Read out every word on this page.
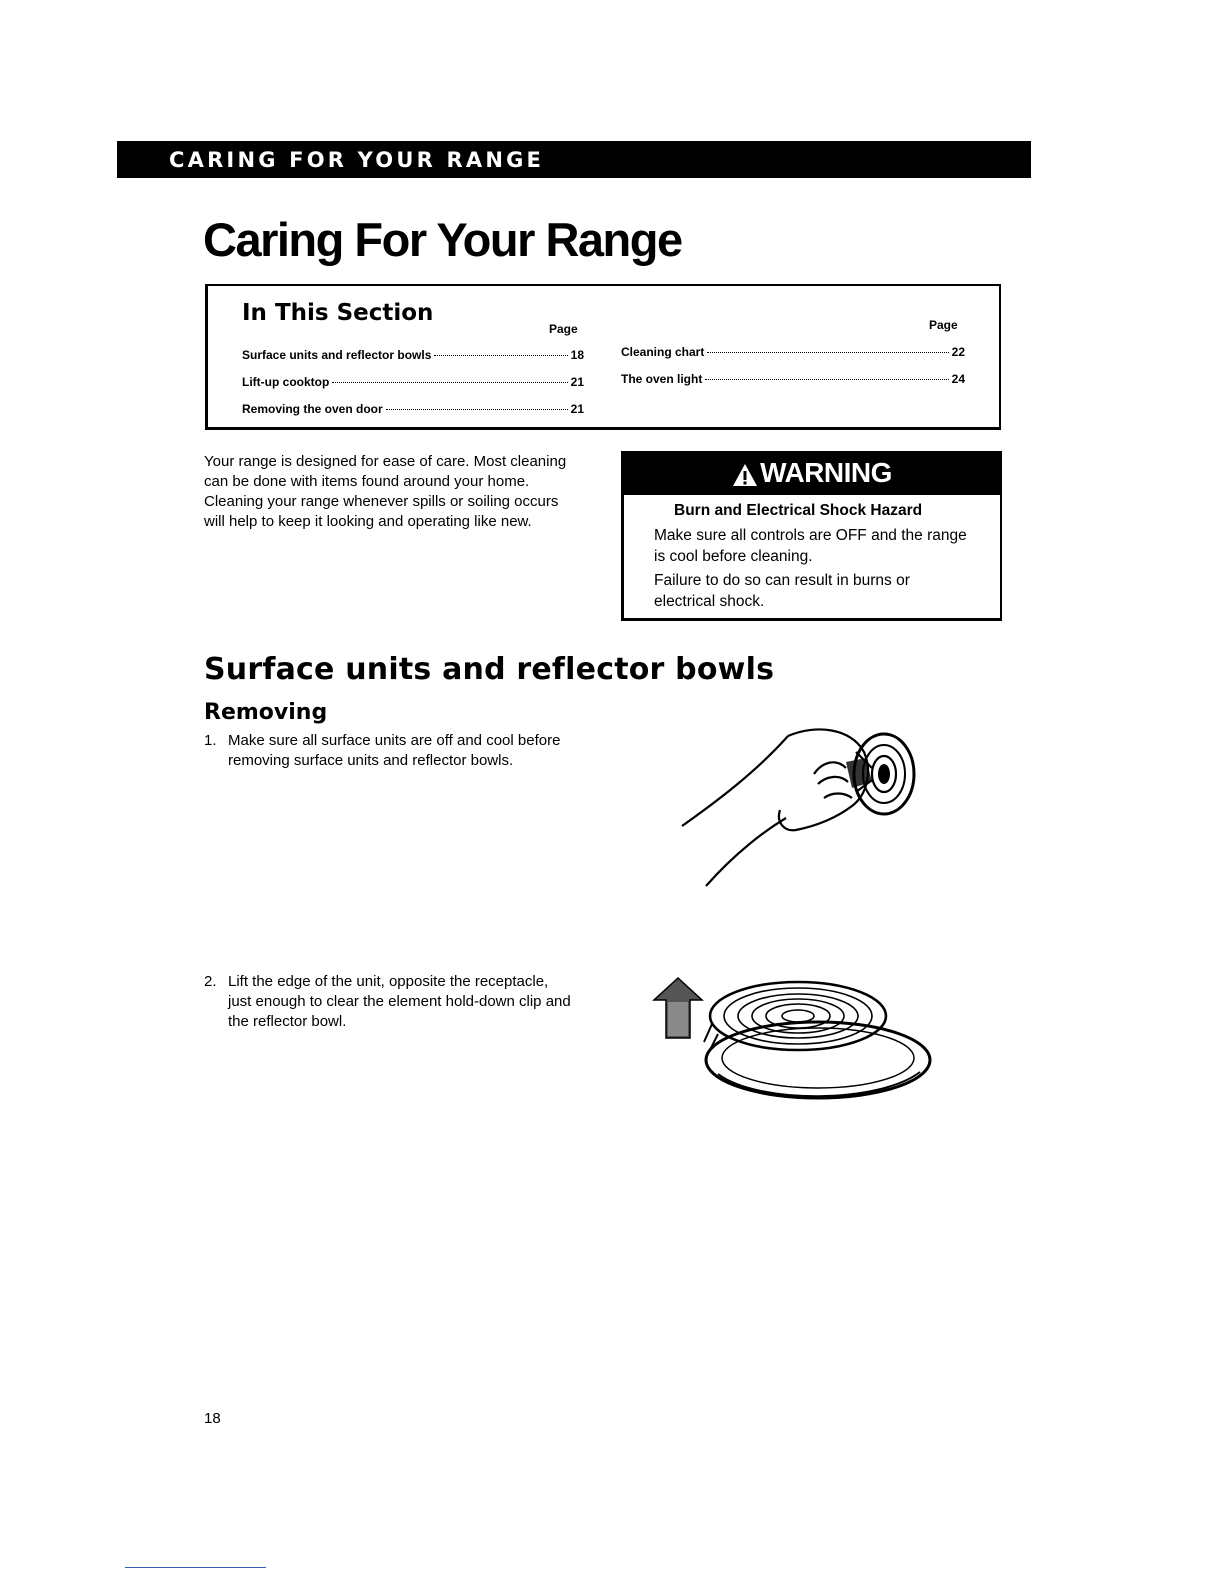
CARING FOR YOUR RANGE
Caring For Your Range
In This Section
Page	Page
Surface units and reflector bowls	18
Lift-up cooktop	21
Removing the oven door	21
Cleaning chart	22
The oven light	24

Your range is designed for ease of care. Most cleaning can be done with items found around your home. Cleaning your range whenever spills or soiling occurs will help to keep it looking and operating like new.

WARNING
Burn and Electrical Shock Hazard
Make sure all controls are OFF and the range is cool before cleaning.
Failure to do so can result in burns or electrical shock.
Surface units and reflector bowls
Removing
1. Make sure all surface units are off and cool before removing surface units and reflector bowls.
2. Lift the edge of the unit, opposite the receptacle, just enough to clear the element hold-down clip and the reflector bowl.
18
